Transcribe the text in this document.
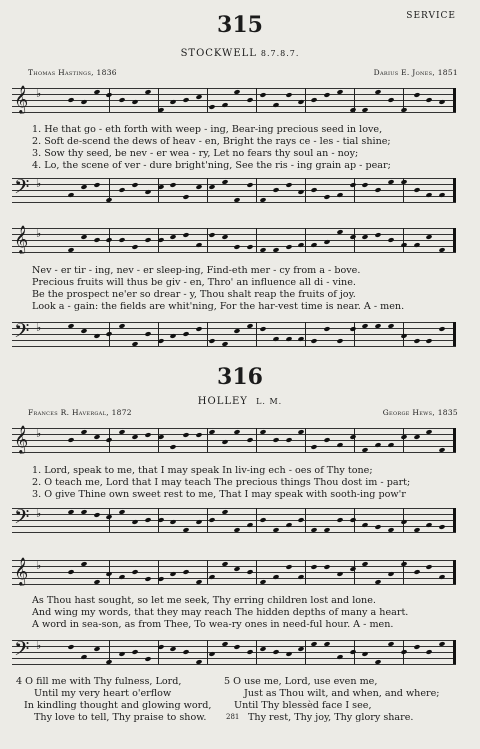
SERVICE
315
STOCKWELL 8.7.8.7.
Thomas Hastings, 1836	Darius E. Jones, 1851
𝄞 ♭
1. He that go - eth forth with weep - ing, Bear-ing precious seed in love,
2. Soft de-scend the dews of heav - en, Bright the rays ce - les - tial shine;
3. Sow thy seed, be nev - er wea - ry, Let no fears thy soul an - noy;
4. Lo, the scene of ver - dure bright'ning, See the ris - ing grain ap - pear;
𝄢 ♭
𝄞 ♭
Nev - er tir - ing, nev - er sleep-ing, Find-eth mer - cy from a - bove.
Precious fruits will thus be giv - en, Thro' an influence all di - vine.
Be the prospect ne'er so drear - y, Thou shalt reap the fruits of joy.
Look a - gain: the fields are whit'ning, For the har-vest time is near. A - men.
𝄢 ♭
316
HOLLEY L. M.
Frances R. Havergal, 1872	George Hews, 1835
𝄞 ♭
1. Lord, speak to me, that I may speak In liv-ing ech - oes of Thy tone;
2. O teach me, Lord that I may teach The precious things Thou dost im - part;
3. O give Thine own sweet rest to me, That I may speak with sooth-ing pow'r
𝄢 ♭
𝄞 ♭
As Thou hast sought, so let me seek, Thy erring children lost and lone.
And wing my words, that they may reach The hidden depths of many a heart.
A word in sea-son, as from Thee, To wea-ry ones in need-ful hour. A - men.
𝄢 ♭
4 O fill me with Thy fulness, Lord,
Until my very heart o'erflow
In kindling thought and glowing word,
Thy love to tell, Thy praise to show.
5 O use me, Lord, use even me,
Just as Thou wilt, and when, and where;
Until Thy blessèd face I see,
Thy rest, Thy joy, Thy glory share.
281
